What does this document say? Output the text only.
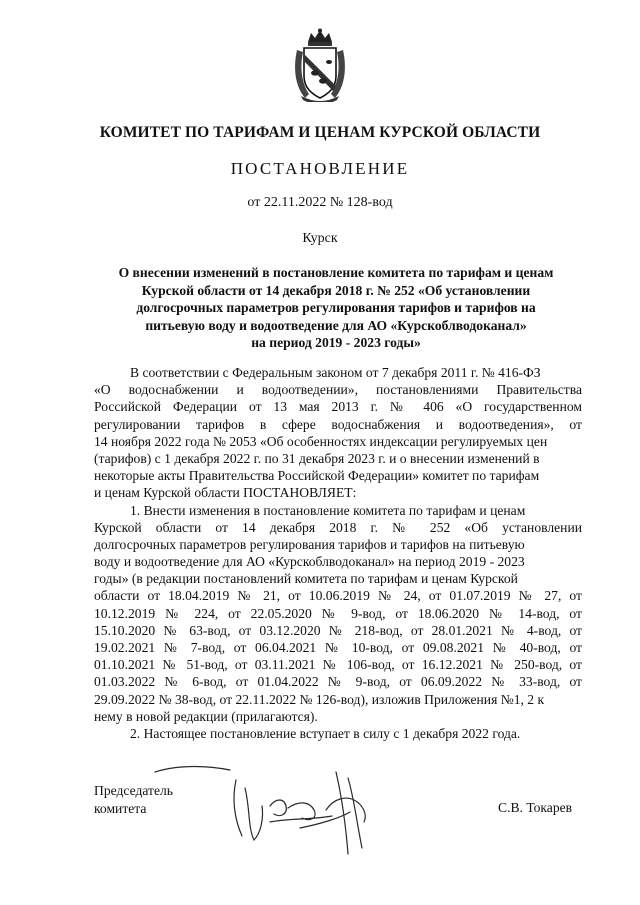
КОМИТЕТ ПО ТАРИФАМ И ЦЕНАМ КУРСКОЙ ОБЛАСТИ
ПОСТАНОВЛЕНИЕ
от 22.11.2022 № 128-вод
Курск
О внесении изменений в постановление комитета по тарифам и ценам
Курской области от 14 декабря 2018 г. № 252 «Об установлении
долгосрочных параметров регулирования тарифов и тарифов на
питьевую воду и водоотведение для АО «Курскоблводоканал»
на период 2019 - 2023 годы»
В соответствии с Федеральным законом от 7 декабря 2011 г. № 416-ФЗ
«О водоснабжении и водоотведении», постановлениями Правительства
Российской Федерации от 13 мая 2013 г. № 406 «О государственном
регулировании тарифов в сфере водоснабжения и водоотведения», от
14 ноября 2022 года № 2053 «Об особенностях индексации регулируемых цен
(тарифов) с 1 декабря 2022 г. по 31 декабря 2023 г. и о внесении изменений в
некоторые акты Правительства Российской Федерации» комитет по тарифам
и ценам Курской области ПОСТАНОВЛЯЕТ:
1. Внести изменения в постановление комитета по тарифам и ценам
Курской области от 14 декабря 2018 г. № 252 «Об установлении
долгосрочных параметров регулирования тарифов и тарифов на питьевую
воду и водоотведение для АО «Курскоблводоканал» на период 2019 - 2023
годы» (в редакции постановлений комитета по тарифам и ценам Курской
области от 18.04.2019 № 21, от 10.06.2019 № 24, от 01.07.2019 № 27, от
10.12.2019 № 224, от 22.05.2020 № 9-вод, от 18.06.2020 № 14-вод, от
15.10.2020 № 63-вод, от 03.12.2020 № 218-вод, от 28.01.2021 № 4-вод, от
19.02.2021 № 7-вод, от 06.04.2021 № 10-вод, от 09.08.2021 № 40-вод, от
01.10.2021 № 51-вод, от 03.11.2021 № 106-вод, от 16.12.2021 № 250-вод, от
01.03.2022 № 6-вод, от 01.04.2022 № 9-вод, от 06.09.2022 № 33-вод, от
29.09.2022 № 38-вод, от 22.11.2022 № 126-вод), изложив Приложения №1, 2 к
нему в новой редакции (прилагаются).
2. Настоящее постановление вступает в силу с 1 декабря 2022 года.
Председатель
комитета	С.В. Токарев
